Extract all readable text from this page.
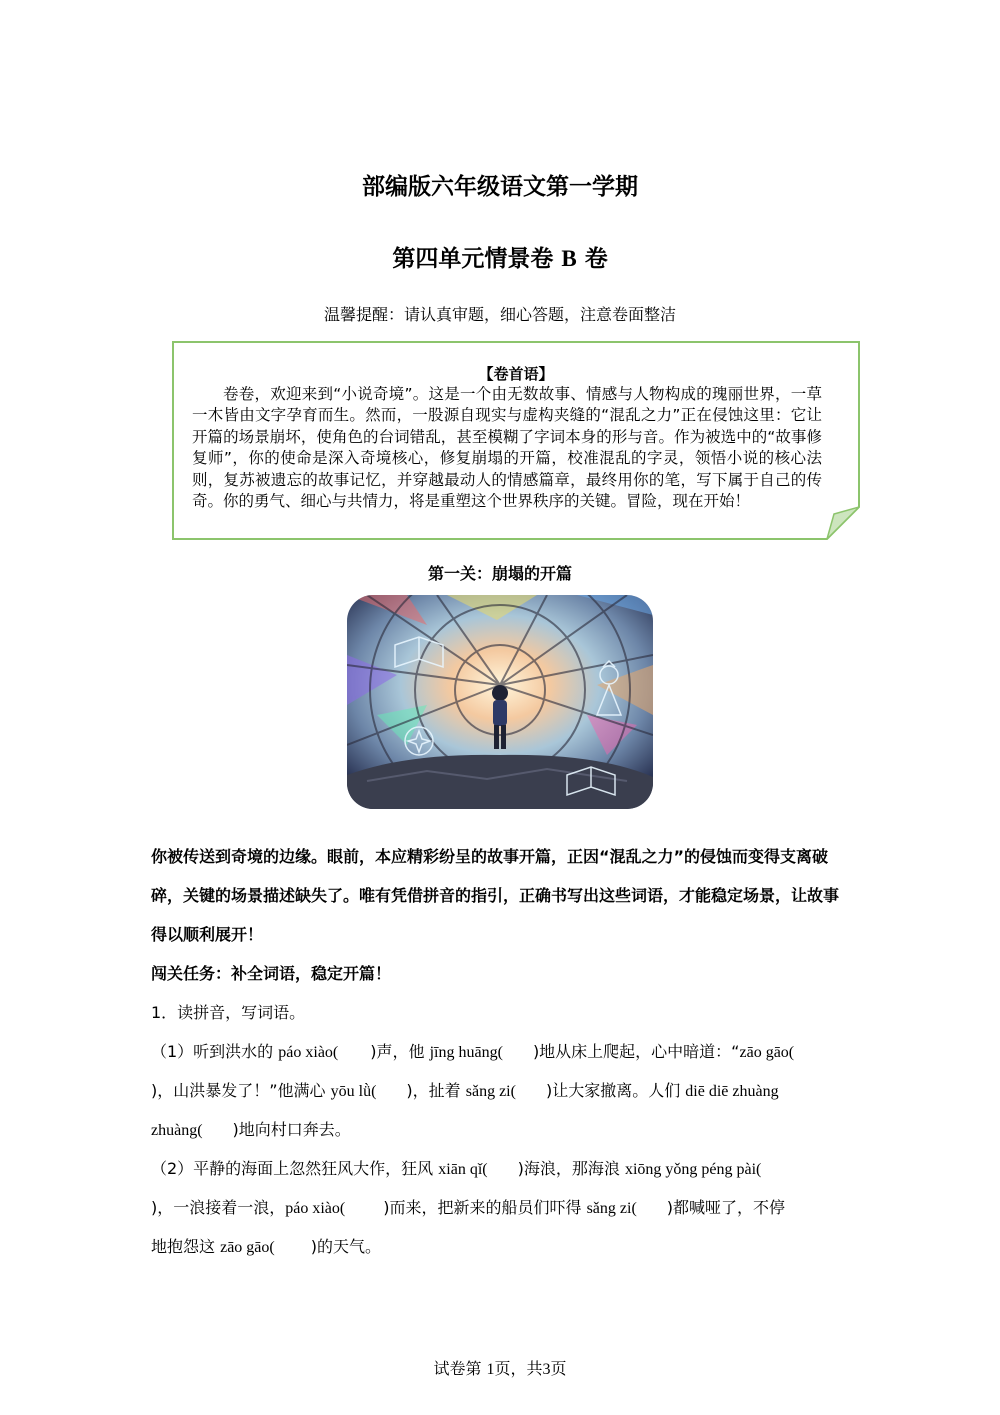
部编版六年级语文第一学期
第四单元情景卷 B 卷
温馨提醒：请认真审题，细心答题，注意卷面整洁
【卷首语】
卷卷，欢迎来到“小说奇境”。这是一个由无数故事、情感与人物构成的瑰丽世界，一草一木皆由文字孕育而生。然而，一股源自现实与虚构夹缝的“混乱之力”正在侵蚀这里：它让开篇的场景崩坏，使角色的台词错乱，甚至模糊了字词本身的形与音。作为被选中的“故事修复师”，你的使命是深入奇境核心，修复崩塌的开篇，校准混乱的字灵，领悟小说的核心法则，复苏被遗忘的故事记忆，并穿越最动人的情感篇章，最终用你的笔，写下属于自己的传奇。你的勇气、细心与共情力，将是重塑这个世界秩序的关键。冒险，现在开始！
第一关：崩塌的开篇
你被传送到奇境的边缘。眼前，本应精彩纷呈的故事开篇，正因“混乱之力”的侵蚀而变得支离破碎，关键的场景描述缺失了。唯有凭借拼音的指引，正确书写出这些词语，才能稳定场景，让故事得以顺利展开！
闯关任务：补全词语，稳定开篇！
1．读拼音，写词语。
（1）听到洪水的 páo xiào( )声，他 jīng huāng( )地从床上爬起，心中暗道：“zāo gāo(
)，山洪暴发了！”他满心 yōu lǜ( )，扯着 sǎng zi( )让大家撤离。人们 diē diē zhuàng
zhuàng( )地向村口奔去。
（2）平静的海面上忽然狂风大作，狂风 xiān qǐ( )海浪，那海浪 xiōng yǒng péng pài(
)，一浪接着一浪，páo xiào( )而来，把新来的船员们吓得 sǎng zi( )都喊哑了，不停
地抱怨这 zāo gāo( )的天气。
试卷第 1页，共3页
